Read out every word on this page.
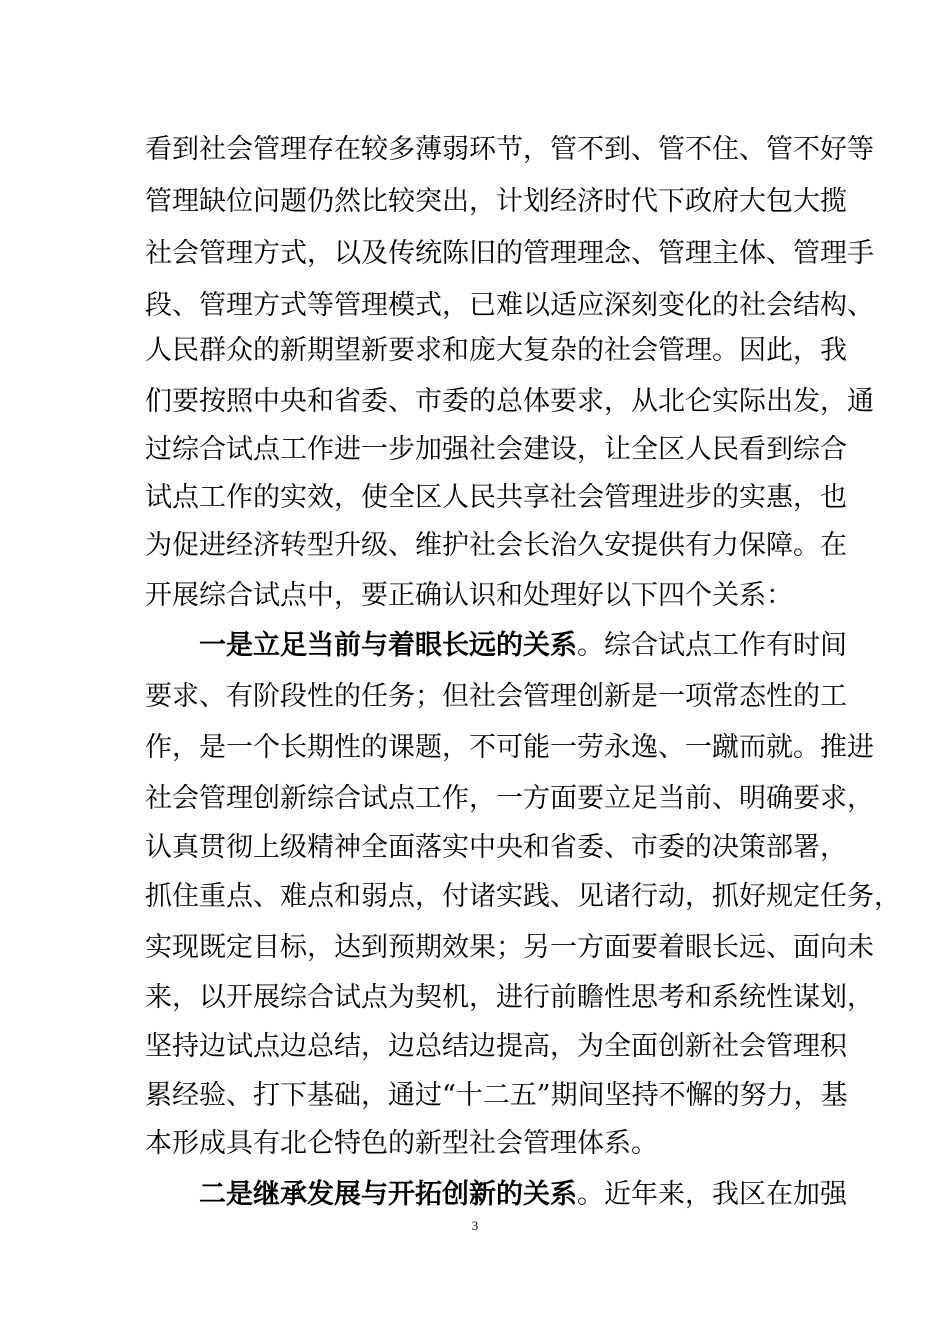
看到社会管理存在较多薄弱环节，管不到、管不住、管不好等
管理缺位问题仍然比较突出，计划经济时代下政府大包大揽
社会管理方式，以及传统陈旧的管理理念、管理主体、管理手
段、管理方式等管理模式，已难以适应深刻变化的社会结构、
人民群众的新期望新要求和庞大复杂的社会管理。因此，我
们要按照中央和省委、市委的总体要求，从北仑实际出发，通
过综合试点工作进一步加强社会建设，让全区人民看到综合
试点工作的实效，使全区人民共享社会管理进步的实惠，也
为促进经济转型升级、维护社会长治久安提供有力保障。在
开展综合试点中，要正确认识和处理好以下四个关系：
一是立足当前与着眼长远的关系。综合试点工作有时间
要求、有阶段性的任务；但社会管理创新是一项常态性的工
作，是一个长期性的课题，不可能一劳永逸、一蹴而就。推进
社会管理创新综合试点工作，一方面要立足当前、明确要求，
认真贯彻上级精神全面落实中央和省委、市委的决策部署，
抓住重点、难点和弱点，付诸实践、见诸行动，抓好规定任务，
实现既定目标，达到预期效果；另一方面要着眼长远、面向未
来，以开展综合试点为契机，进行前瞻性思考和系统性谋划，
坚持边试点边总结，边总结边提高，为全面创新社会管理积
累经验、打下基础，通过“十二五”期间坚持不懈的努力，基
本形成具有北仑特色的新型社会管理体系。
二是继承发展与开拓创新的关系。近年来，我区在加强
3
